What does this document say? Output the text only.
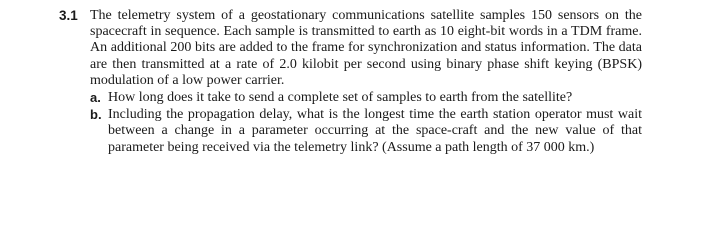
3.1 The telemetry system of a geostationary communications satellite samples 150 sensors on the spacecraft in sequence. Each sample is transmitted to earth as 10 eight-bit words in a TDM frame. An additional 200 bits are added to the frame for synchronization and status information. The data are then transmitted at a rate of 2.0 kilobit per second using binary phase shift keying (BPSK) modulation of a low power carrier.

a. How long does it take to send a complete set of samples to earth from the satellite?

b. Including the propagation delay, what is the longest time the earth station operator must wait between a change in a parameter occurring at the space-craft and the new value of that parameter being received via the telemetry link? (Assume a path length of 37 000 km.)
